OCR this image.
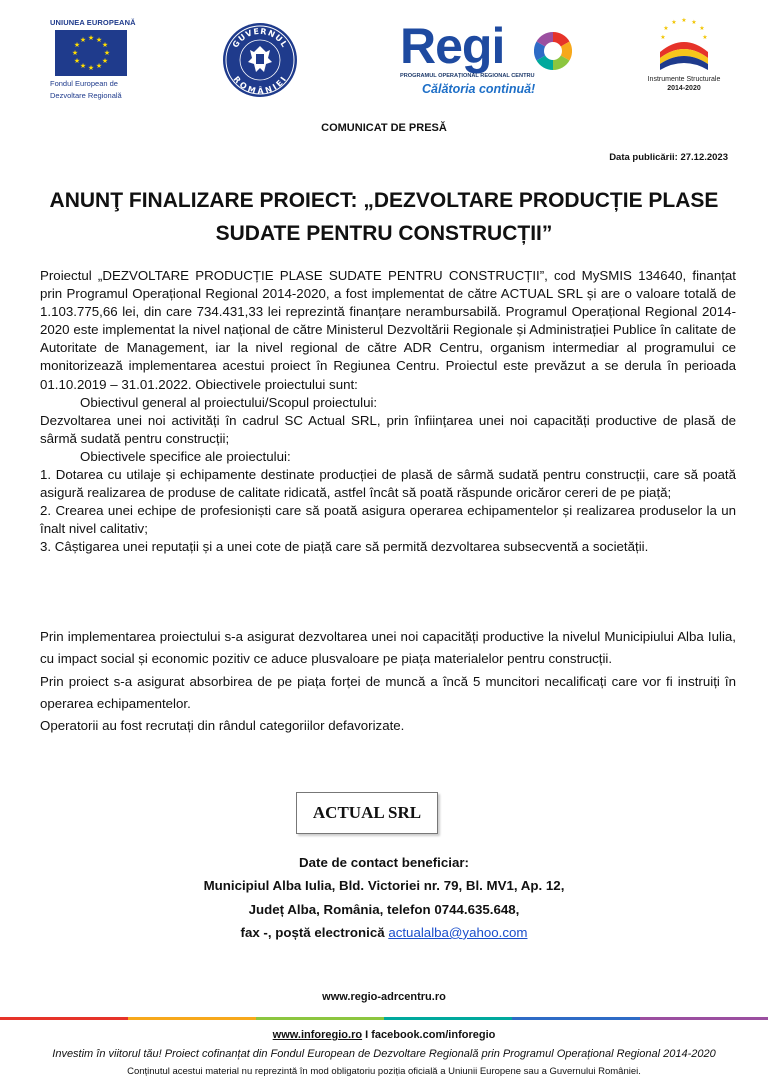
UNIUNEA EUROPEANĂ
★ ★
★
★
★
★
★
★
★
★
★
★
Fondul European de
Dezvoltare Regională
GUVERNUL
ROMÂNIEI
Regi
PROGRAMUL OPERAȚIONAL REGIONAL CENTRU
Călătoria continuă!
★ ★
★
★
★
★
★
Instrumente Structurale
2014-2020
COMUNICAT DE PRESĂ
Data publicării: 27.12.2023
ANUNŢ FINALIZARE PROIECT: „DEZVOLTARE PRODUCȚIE PLASE
SUDATE PENTRU CONSTRUCȚII”

Proiectul „DEZVOLTARE PRODUCȚIE PLASE SUDATE PENTRU CONSTRUCȚII”, cod MySMIS 134640, finanțat prin Programul Operațional Regional 2014-2020, a fost implementat de către ACTUAL SRL și are o valoare totală de 1.103.775,66 lei, din care 734.431,33 lei reprezintă finanțare nerambursabilă. Programul Operațional Regional 2014-2020 este implementat la nivel național de către Ministerul Dezvoltării Regionale și Administrației Publice în calitate de Autoritate de Management, iar la nivel regional de către ADR Centru, organism intermediar al programului ce monitorizează implementarea acestui proiect în Regiunea Centru. Proiectul este prevăzut a se derula în perioada 01.10.2019 – 31.01.2022. Obiectivele proiectului sunt:

Obiectivul general al proiectului/Scopul proiectului:

Dezvoltarea unei noi activități în cadrul SC Actual SRL, prin înființarea unei noi capacități productive de plasă de sârmă sudată pentru construcții;

Obiectivele specifice ale proiectului:

1. Dotarea cu utilaje și echipamente destinate producției de plasă de sârmă sudată pentru construcții, care să poată asigură realizarea de produse de calitate ridicată, astfel încât să poată răspunde oricăror cereri de pe piață;

2. Crearea unei echipe de profesioniști care să poată asigura operarea echipamentelor și realizarea produselor la un înalt nivel calitativ;

3. Câștigarea unei reputații și a unei cote de piață care să permită dezvoltarea subsecventă a societății.

Prin implementarea proiectului s-a asigurat dezvoltarea unei noi capacități productive la nivelul Municipiului Alba Iulia, cu impact social și economic pozitiv ce aduce plusvaloare pe piața materialelor pentru construcții.

Prin proiect s-a asigurat absorbirea de pe piața forței de muncă a încă 5 muncitori necalificați care vor fi instruiți în operarea echipamentelor.

Operatorii au fost recrutați din rândul categoriilor defavorizate.

ACTUAL SRL
Date de contact beneficiar:
Municipiul Alba Iulia, Bld. Victoriei nr. 79, Bl. MV1, Ap. 12,
Județ Alba, România, telefon 0744.635.648,
fax -, poștă electronică actualalba@yahoo.com
www.regio-adrcentru.ro
www.inforegio.ro I facebook.com/inforegio
Investim în viitorul tău! Proiect cofinanțat din Fondul European de Dezvoltare Regională prin Programul Operațional Regional 2014-2020
Conținutul acestui material nu reprezintă în mod obligatoriu poziția oficială a Uniunii Europene sau a Guvernului României.
